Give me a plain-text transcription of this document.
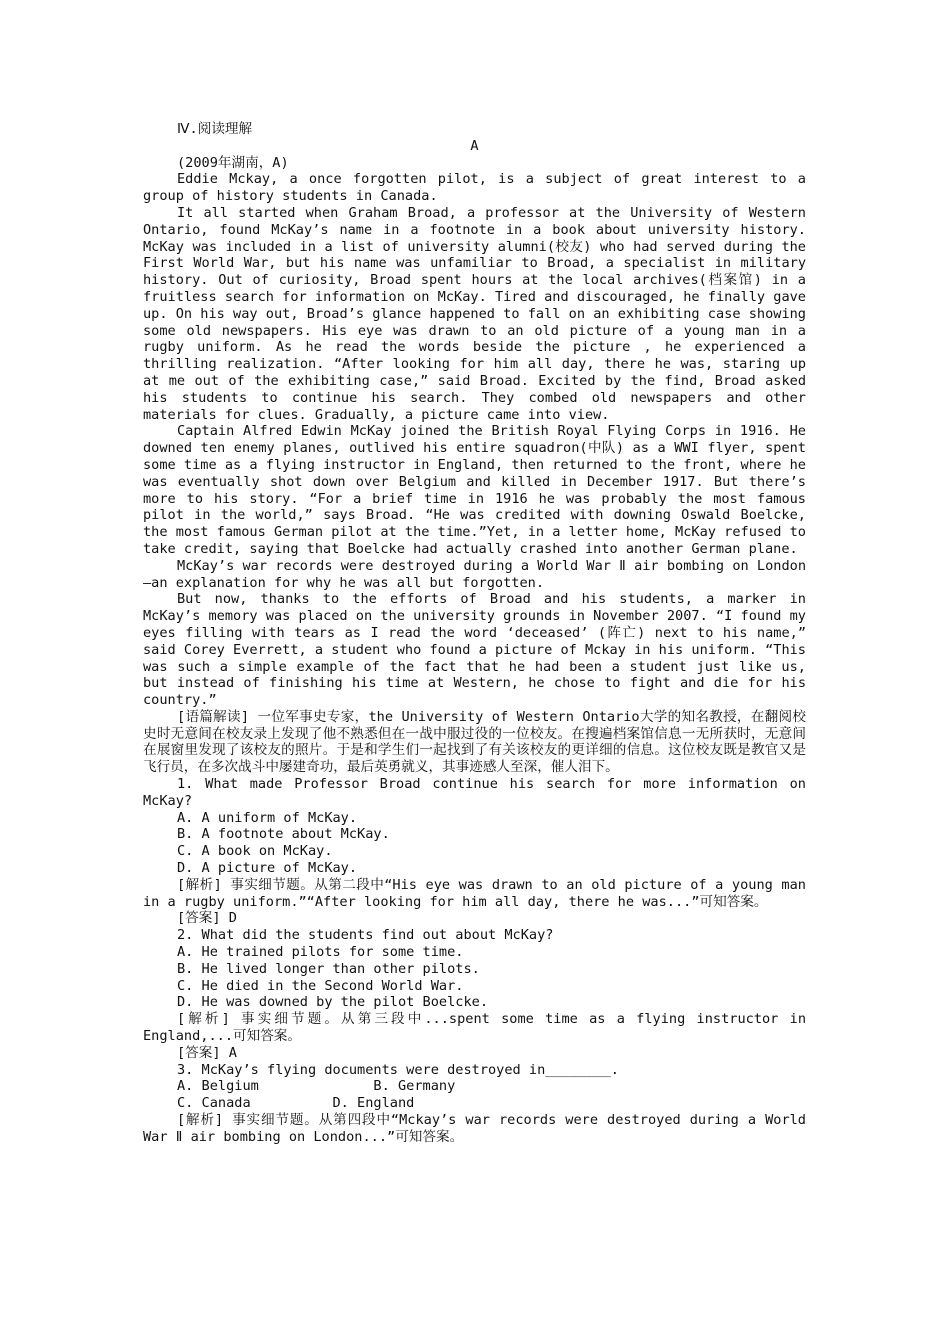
Ⅳ.阅读理解

A

(2009年湖南，A)

Eddie Mckay, a once forgotten pilot, is a subject of great interest to a group of history students in Canada.

It all started when Graham Broad, a professor at the University of Western Ontario, found McKay’s name in a footnote in a book about university history. McKay was included in a list of university alumni(校友) who had served during the First World War, but his name was unfamiliar to Broad, a specialist in military history. Out of curiosity, Broad spent hours at the local archives(档案馆) in a fruitless search for information on McKay. Tired and discouraged, he finally gave up. On his way out, Broad’s glance happened to fall on an exhibiting case showing some old newspapers. His eye was drawn to an old picture of a young man in a rugby uniform. As he read the words beside the picture , he experienced a thrilling realization. “After looking for him all day, there he was, staring up at me out of the exhibiting case,” said Broad. Excited by the find, Broad asked his students to continue his search. They combed old newspapers and other materials for clues. Gradually, a picture came into view.

Captain Alfred Edwin McKay joined the British Royal Flying Corps in 1916. He downed ten enemy planes, outlived his entire squadron(中队) as a WWI flyer, spent some time as a flying instructor in England, then returned to the front, where he was eventually shot down over Belgium and killed in December 1917. But there’s more to his story. “For a brief time in 1916 he was probably the most famous pilot in the world,” says Broad. “He was credited with downing Oswald Boelcke, the most famous German pilot at the time.”Yet, in a letter home, McKay refused to take credit, saying that Boelcke had actually crashed into another German plane.

McKay’s war records were destroyed during a World War Ⅱ air bombing on London—an explanation for why he was all but forgotten.

But now, thanks to the efforts of Broad and his students, a marker in McKay’s memory was placed on the university grounds in November 2007. “I found my eyes filling with tears as I read the word ‘deceased’ (阵亡) next to his name,” said Corey Everrett, a student who found a picture of Mckay in his uniform. “This was such a simple example of the fact that he had been a student just like us, but instead of finishing his time at Western, he chose to fight and die for his country.”

[语篇解读] 一位军事史专家，the University of Western Ontario大学的知名教授，在翻阅校史时无意间在校友录上发现了他不熟悉但在一战中服过役的一位校友。在搜遍档案馆信息一无所获时，无意间在展窗里发现了该校友的照片。于是和学生们一起找到了有关该校友的更详细的信息。这位校友既是教官又是飞行员，在多次战斗中屡建奇功，最后英勇就义，其事迹感人至深，催人泪下。

1. What made Professor Broad continue his search for more information on McKay?

A. A uniform of McKay.

B. A footnote about McKay.

C. A book on McKay.

D. A picture of McKay.

[解析] 事实细节题。从第二段中“His eye was drawn to an old picture of a young man in a rugby uniform.”“After looking for him all day, there he was...”可知答案。

[答案] D

2. What did the students find out about McKay?

A. He trained pilots for some time.

B. He lived longer than other pilots.

C. He died in the Second World War.

D. He was downed by the pilot Boelcke.

[解析] 事实细节题。从第三段中...spent some time as a flying instructor in England,...可知答案。

[答案] A

3. McKay’s flying documents were destroyed in________.

A. Belgium              B. Germany

C. Canada          D. England

[解析] 事实细节题。从第四段中“Mckay’s war records were destroyed during a World War Ⅱ air bombing on London...”可知答案。
